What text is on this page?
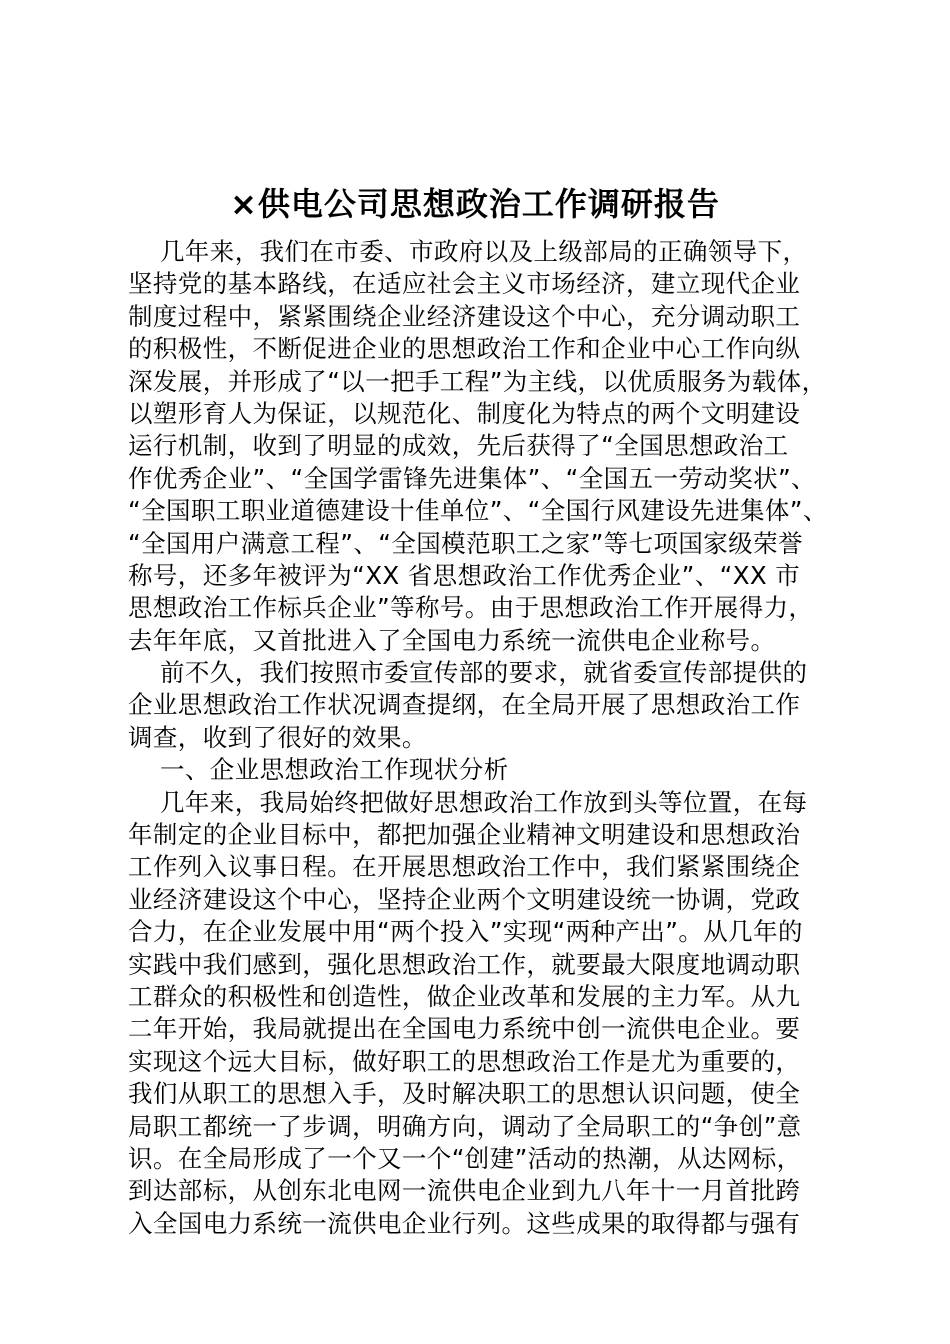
×供电公司思想政治工作调研报告
几年来，我们在市委、市政府以及上级部局的正确领导下，
坚持党的基本路线，在适应社会主义市场经济，建立现代企业
制度过程中，紧紧围绕企业经济建设这个中心，充分调动职工
的积极性，不断促进企业的思想政治工作和企业中心工作向纵
深发展，并形成了“以一把手工程”为主线，以优质服务为载体，
以塑形育人为保证，以规范化、制度化为特点的两个文明建设
运行机制，收到了明显的成效，先后获得了“全国思想政治工
作优秀企业”、“全国学雷锋先进集体”、“全国五一劳动奖状”、
“全国职工职业道德建设十佳单位”、“全国行风建设先进集体”、
“全国用户满意工程”、“全国模范职工之家”等七项国家级荣誉
称号，还多年被评为“XX 省思想政治工作优秀企业”、“XX 市
思想政治工作标兵企业”等称号。由于思想政治工作开展得力，
去年年底，又首批进入了全国电力系统一流供电企业称号。
前不久，我们按照市委宣传部的要求，就省委宣传部提供的
企业思想政治工作状况调查提纲，在全局开展了思想政治工作
调查，收到了很好的效果。
一、企业思想政治工作现状分析
几年来，我局始终把做好思想政治工作放到头等位置，在每
年制定的企业目标中，都把加强企业精神文明建设和思想政治
工作列入议事日程。在开展思想政治工作中，我们紧紧围绕企
业经济建设这个中心，坚持企业两个文明建设统一协调，党政
合力，在企业发展中用“两个投入”实现“两种产出”。从几年的
实践中我们感到，强化思想政治工作，就要最大限度地调动职
工群众的积极性和创造性，做企业改革和发展的主力军。从九
二年开始，我局就提出在全国电力系统中创一流供电企业。要
实现这个远大目标，做好职工的思想政治工作是尤为重要的，
我们从职工的思想入手，及时解决职工的思想认识问题，使全
局职工都统一了步调，明确方向，调动了全局职工的“争创”意
识。在全局形成了一个又一个“创建”活动的热潮，从达网标，
到达部标，从创东北电网一流供电企业到九八年十一月首批跨
入全国电力系统一流供电企业行列。这些成果的取得都与强有
